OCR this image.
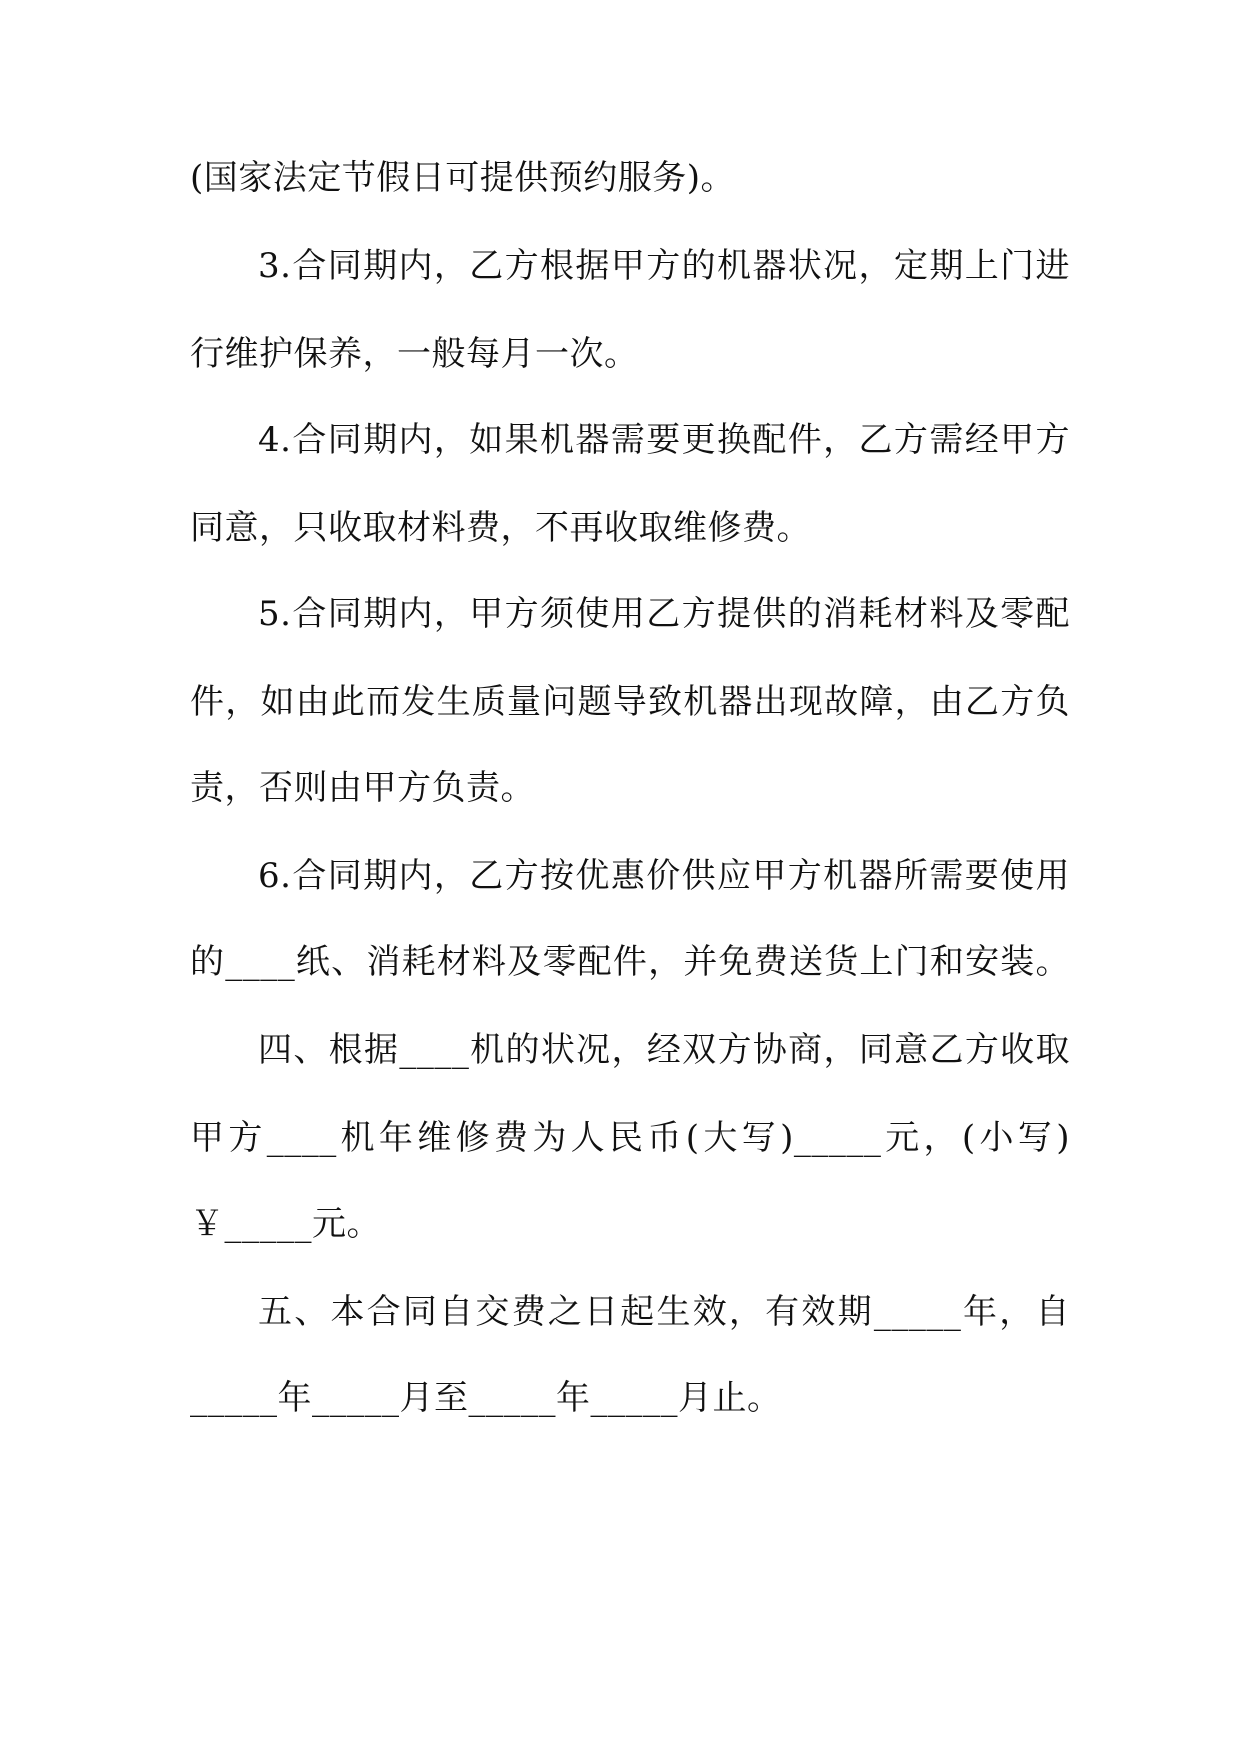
(国家法定节假日可提供预约服务)。
3.合同期内，乙方根据甲方的机器状况，定期上门进
行维护保养，一般每月一次。
4.合同期内，如果机器需要更换配件，乙方需经甲方
同意，只收取材料费，不再收取维修费。
5.合同期内，甲方须使用乙方提供的消耗材料及零配
件，如由此而发生质量问题导致机器出现故障，由乙方负
责，否则由甲方负责。
6.合同期内，乙方按优惠价供应甲方机器所需要使用
的____纸、消耗材料及零配件，并免费送货上门和安装。
四、根据____机的状况，经双方协商，同意乙方收取
甲方____机年维修费为人民币(大写)_____元，(小写)
￥_____元。
五、本合同自交费之日起生效，有效期_____年，自
_____年_____月至_____年_____月止。
